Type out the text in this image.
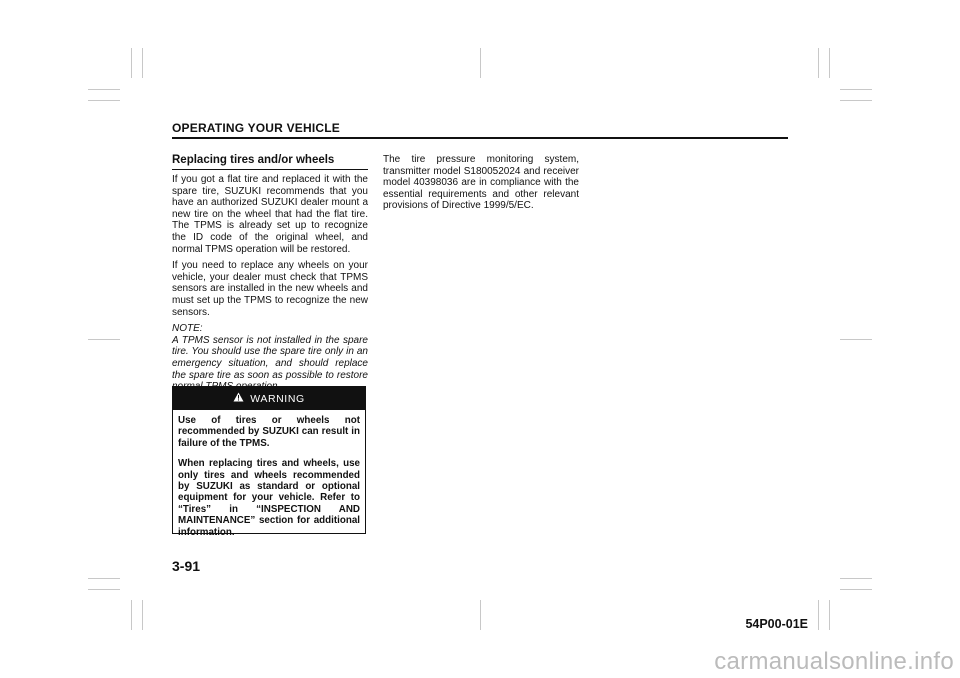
OPERATING YOUR VEHICLE
Replacing tires and/or wheels

If you got a flat tire and replaced it with the spare tire, SUZUKI recommends that you have an authorized SUZUKI dealer mount a new tire on the wheel that had the flat tire. The TPMS is already set up to recognize the ID code of the original wheel, and normal TPMS operation will be restored.

If you need to replace any wheels on your vehicle, your dealer must check that TPMS sensors are installed in the new wheels and must set up the TPMS to recognize the new sensors.

NOTE:
A TPMS sensor is not installed in the spare tire. You should use the spare tire only in an emergency situation, and should replace the spare tire as soon as possible to restore
WARNING

Use of tires or wheels not recommended by SUZUKI can result in failure of the TPMS.

When replacing tires and wheels, use only tires and wheels recommended by SUZUKI as standard or optional equipment for your vehicle. Refer to “Tires” in “INSPECTION AND MAINTENANCE” section for additional information.

The tire pressure monitoring system, transmitter model S180052024 and receiver model 40398036 are in compliance with the essential requirements and other relevant provisions of Directive 1999/5/EC.

3-91
54P00-01E
carmanualsonline.info
